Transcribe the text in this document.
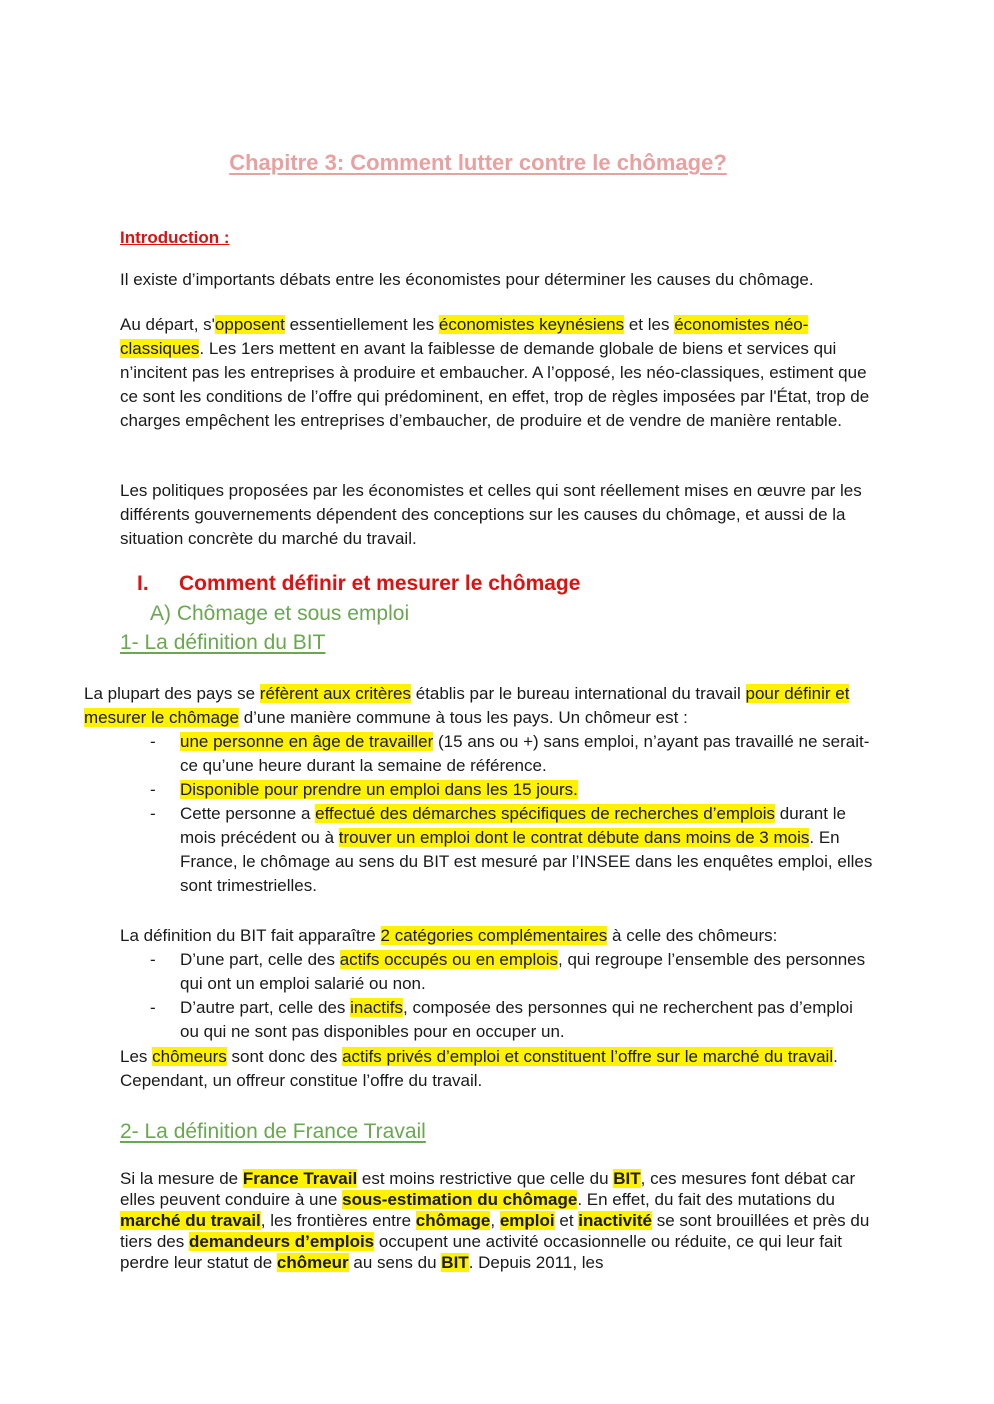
Chapitre 3: Comment lutter contre le chômage?
Introduction :

Il existe d’importants débats entre les économistes pour déterminer les causes du chômage.

Au départ, s'opposent essentiellement les économistes keynésiens et les économistes néo-classiques. Les 1ers mettent en avant la faiblesse de demande globale de biens et services qui n’incitent pas les entreprises à produire et embaucher. A l’opposé, les néo-classiques, estiment que ce sont les conditions de l’offre qui prédominent, en effet, trop de règles imposées par l'État, trop de charges empêchent les entreprises d’embaucher, de produire et de vendre de manière rentable.

Les politiques proposées par les économistes et celles qui sont réellement mises en œuvre par les différents gouvernements dépendent des conceptions sur les causes du chômage, et aussi de la situation concrète du marché du travail.

I. Comment définir et mesurer le chômage
A) Chômage et sous emploi
1- La définition du BIT

La plupart des pays se réfèrent aux critères établis par le bureau international du travail pour définir et mesurer le chômage d’une manière commune à tous les pays. Un chômeur est :

- une personne en âge de travailler (15 ans ou +) sans emploi, n’ayant pas travaillé ne serait-ce qu’une heure durant la semaine de référence.
- Disponible pour prendre un emploi dans les 15 jours.
- Cette personne a effectué des démarches spécifiques de recherches d’emplois durant le mois précédent ou à trouver un emploi dont le contrat débute dans moins de 3 mois. En France, le chômage au sens du BIT est mesuré par l’INSEE dans les enquêtes emploi, elles sont trimestrielles.

La définition du BIT fait apparaître 2 catégories complémentaires à celle des chômeurs:

- D’une part, celle des actifs occupés ou en emplois, qui regroupe l’ensemble des personnes qui ont un emploi salarié ou non.
- D’autre part, celle des inactifs, composée des personnes qui ne recherchent pas d’emploi ou qui ne sont pas disponibles pour en occuper un.

Les chômeurs sont donc des actifs privés d’emploi et constituent l’offre sur le marché du travail. Cependant, un offreur constitue l’offre du travail.

2- La définition de France Travail

Si la mesure de France Travail est moins restrictive que celle du BIT, ces mesures font débat car elles peuvent conduire à une sous-estimation du chômage. En effet, du fait des mutations du marché du travail, les frontières entre chômage, emploi et inactivité se sont brouillées et près du tiers des demandeurs d’emplois occupent une activité occasionnelle ou réduite, ce qui leur fait perdre leur statut de chômeur au sens du BIT. Depuis 2011, les
